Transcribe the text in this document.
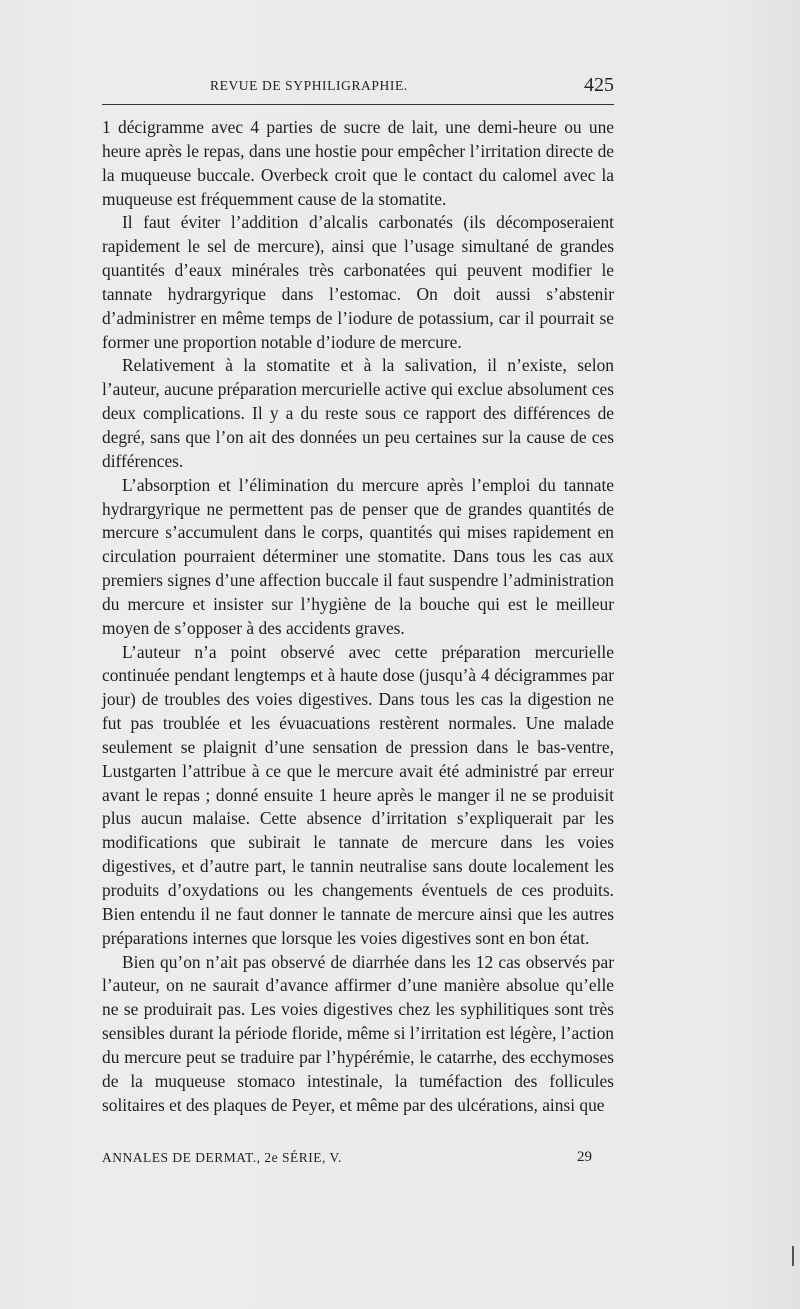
REVUE DE SYPHILIGRAPHIE.	425

1 décigramme avec 4 parties de sucre de lait, une demi-heure ou une heure après le repas, dans une hostie pour empêcher l’irritation directe de la muqueuse buccale. Overbeck croit que le contact du calomel avec la muqueuse est fréquemment cause de la stomatite.

Il faut éviter l’addition d’alcalis carbonatés (ils décomposeraient rapidement le sel de mercure), ainsi que l’usage simultané de grandes quantités d’eaux minérales très carbonatées qui peuvent modifier le tannate hydrargyrique dans l’estomac. On doit aussi s’abstenir d’administrer en même temps de l’iodure de potassium, car il pourrait se former une proportion notable d’iodure de mercure.

Relativement à la stomatite et à la salivation, il n’existe, selon l’auteur, aucune préparation mercurielle active qui exclue absolument ces deux complications. Il y a du reste sous ce rapport des différences de degré, sans que l’on ait des données un peu certaines sur la cause de ces différences.

L’absorption et l’élimination du mercure après l’emploi du tannate hydrargyrique ne permettent pas de penser que de grandes quantités de mercure s’accumulent dans le corps, quantités qui mises rapidement en circulation pourraient déterminer une stomatite. Dans tous les cas aux premiers signes d’une affection buccale il faut suspendre l’administration du mercure et insister sur l’hygiène de la bouche qui est le meilleur moyen de s’opposer à des accidents graves.

L’auteur n’a point observé avec cette préparation mercurielle continuée pendant lengtemps et à haute dose (jusqu’à 4 décigrammes par jour) de troubles des voies digestives. Dans tous les cas la digestion ne fut pas troublée et les évuacuations restèrent normales. Une malade seulement se plaignit d’une sensation de pression dans le bas-ventre, Lustgarten l’attribue à ce que le mercure avait été administré par erreur avant le repas ; donné ensuite 1 heure après le manger il ne se produisit plus aucun malaise. Cette absence d’irritation s’expliquerait par les modifications que subirait le tannate de mercure dans les voies digestives, et d’autre part, le tannin neutralise sans doute localement les produits d’oxydations ou les changements éventuels de ces produits. Bien entendu il ne faut donner le tannate de mercure ainsi que les autres préparations internes que lorsque les voies digestives sont en bon état.

Bien qu’on n’ait pas observé de diarrhée dans les 12 cas observés par l’auteur, on ne saurait d’avance affirmer d’une manière absolue qu’elle ne se produirait pas. Les voies digestives chez les syphilitiques sont très sensibles durant la période floride, même si l’irritation est légère, l’action du mercure peut se traduire par l’hypérémie, le catarrhe, des ecchymoses de la muqueuse stomaco intestinale, la tuméfaction des follicules solitaires et des plaques de Peyer, et même par des ulcérations, ainsi que

ANNALES DE DERMAT., 2e SÉRIE, V.	29
